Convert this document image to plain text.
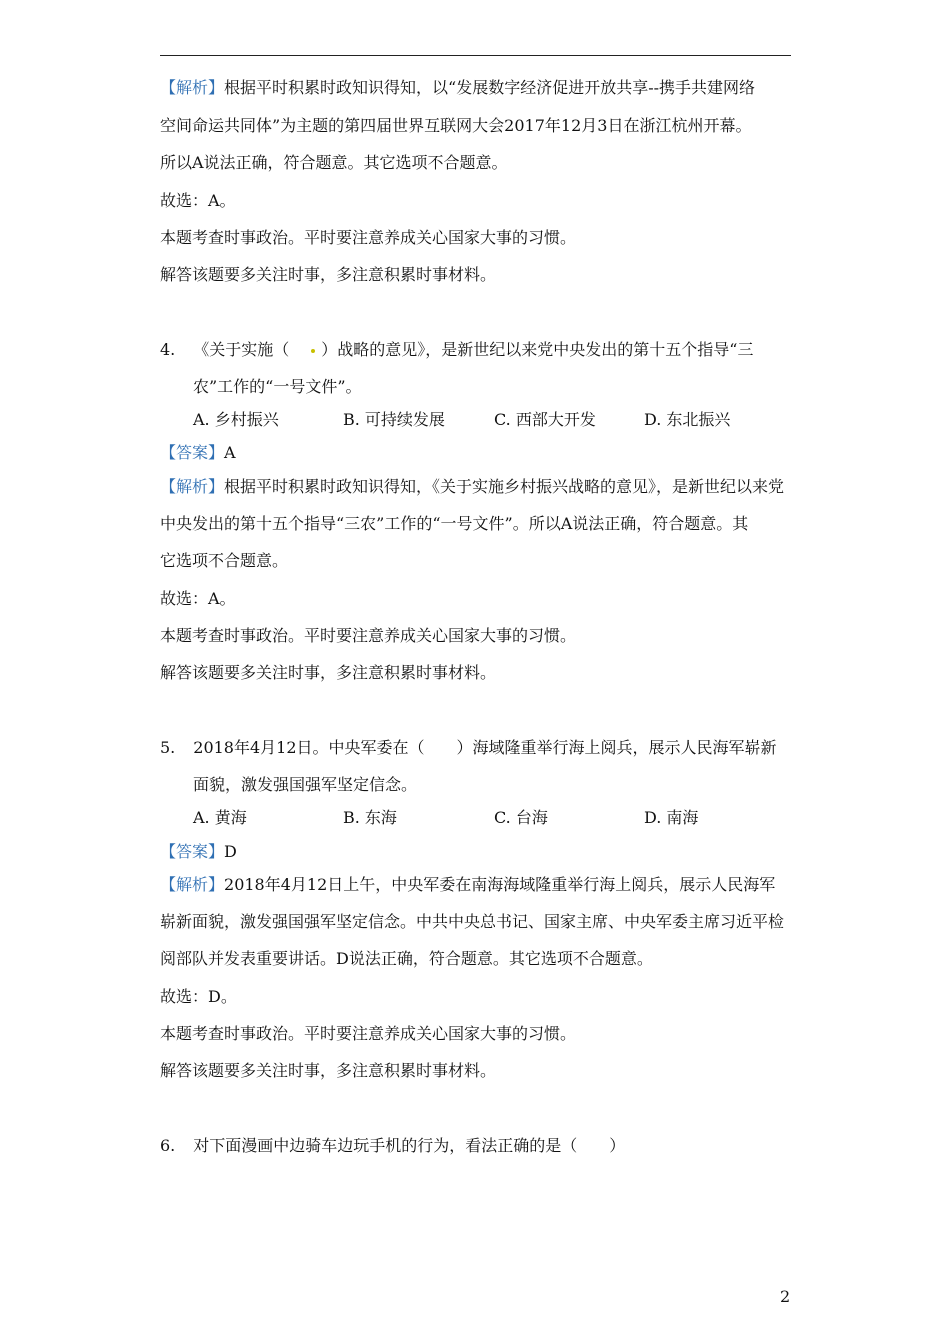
【解析】根据平时积累时政知识得知，以“发展数字经济促进开放共享--携手共建网络
空间命运共同体”为主题的第四届世界互联网大会2017年12月3日在浙江杭州开幕。
所以A说法正确，符合题意。其它选项不合题意。
故选：A。
本题考查时事政治。平时要注意养成关心国家大事的习惯。
解答该题要多关注时事，多注意积累时事材料。
4. 《关于实施（ ）战略的意见》，是新世纪以来党中央发出的第十五个指导“三
农”工作的“一号文件”。
A. 乡村振兴	B. 可持续发展	C. 西部大开发	D. 东北振兴
【答案】A
【解析】根据平时积累时政知识得知，《关于实施乡村振兴战略的意见》，是新世纪以来党
中央发出的第十五个指导“三农”工作的“一号文件”。所以A说法正确，符合题意。其
它选项不合题意。
故选：A。
本题考查时事政治。平时要注意养成关心国家大事的习惯。
解答该题要多关注时事，多注意积累时事材料。
5. 2018年4月12日。中央军委在（ ）海域隆重举行海上阅兵，展示人民海军崭新
面貌，激发强国强军坚定信念。
A. 黄海	B. 东海	C. 台海	D. 南海
【答案】D
【解析】2018年4月12日上午，中央军委在南海海域隆重举行海上阅兵，展示人民海军
崭新面貌，激发强国强军坚定信念。中共中央总书记、国家主席、中央军委主席习近平检
阅部队并发表重要讲话。D说法正确，符合题意。其它选项不合题意。
故选：D。
本题考查时事政治。平时要注意养成关心国家大事的习惯。
解答该题要多关注时事，多注意积累时事材料。
6. 对下面漫画中边骑车边玩手机的行为，看法正确的是（ ）
2
